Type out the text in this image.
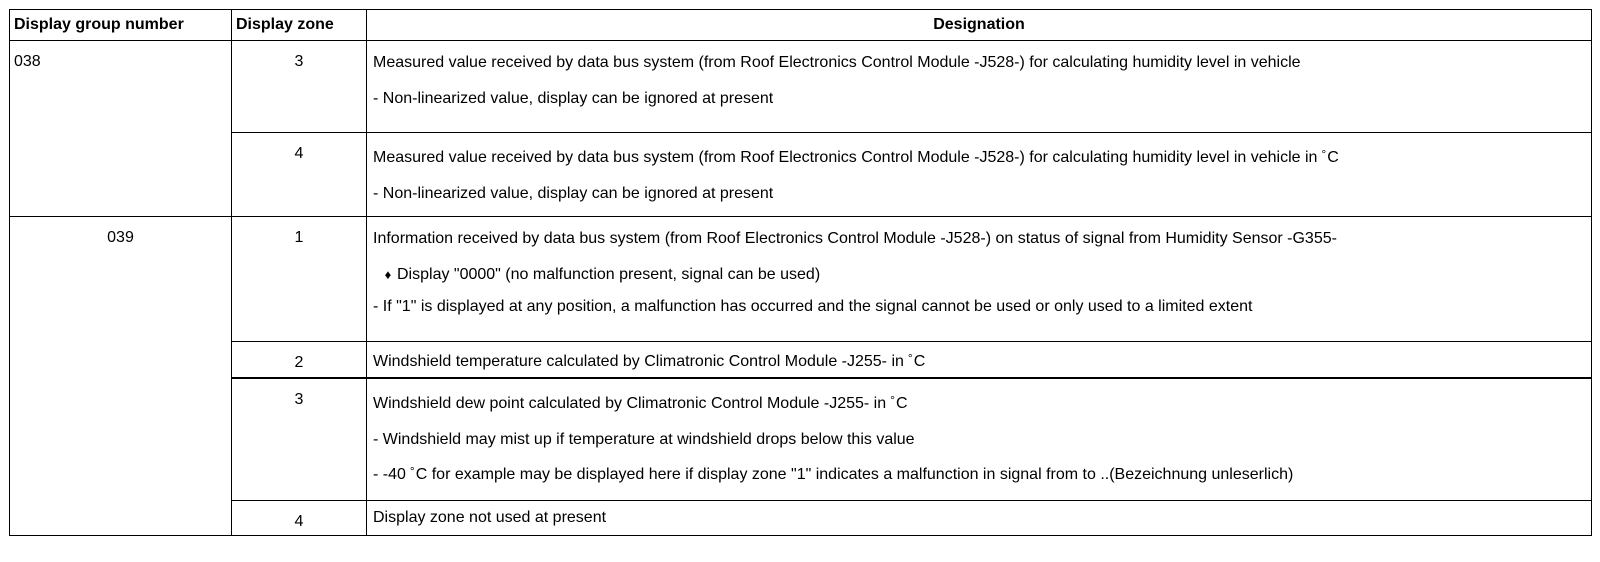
Display group number	Display zone	Designation
038	3	Measured value received by data bus system (from Roof Electronics Control Module -J528-) for calculating humidity level in vehicle
- Non-linearized value, display can be ignored at present

	4	Measured value received by data bus system (from Roof Electronics Control Module -J528-) for calculating humidity level in vehicle in °C
- Non-linearized value, display can be ignored at present

039	1	Information received by data bus system (from Roof Electronics Control Module -J528-) on status of signal from Humidity Sensor -G355-
♦ Display "0000" (no malfunction present, signal can be used)
- If "1" is displayed at any position, a malfunction has occurred and the signal cannot be used or only used to a limited extent

	2	Windshield temperature calculated by Climatronic Control Module -J255- in °C

	3	Windshield dew point calculated by Climatronic Control Module -J255- in °C
- Windshield may mist up if temperature at windshield drops below this value
- -40 °C for example may be displayed here if display zone "1" indicates a malfunction in signal from to ..(Bezeichnung unleserlich)

	4	Display zone not used at present
